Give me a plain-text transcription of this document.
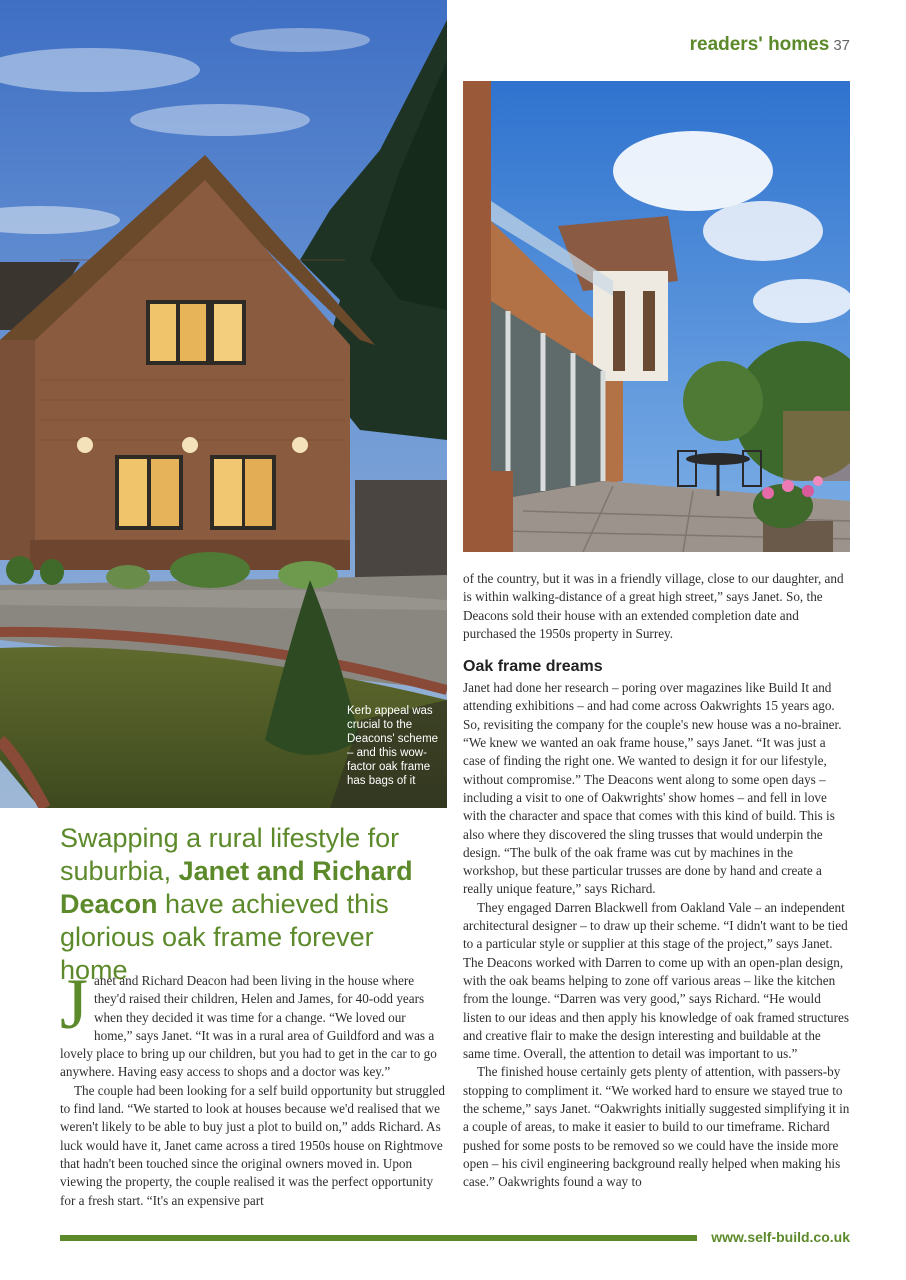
readers' homes 37
Kerb appeal was crucial to the Deacons' scheme – and this wow-factor oak frame has bags of it
Swapping a rural lifestyle for suburbia, Janet and Richard Deacon have achieved this glorious oak frame forever home

Janet and Richard Deacon had been living in the house where they'd raised their children, Helen and James, for 40-odd years when they decided it was time for a change. “We loved our home,” says Janet. “It was in a rural area of Guildford and was a lovely place to bring up our children, but you had to get in the car to go anywhere. Having easy access to shops and a doctor was key.”

The couple had been looking for a self build opportunity but struggled to find land. “We started to look at houses because we'd realised that we weren't likely to be able to buy just a plot to build on,” adds Richard. As luck would have it, Janet came across a tired 1950s house on Rightmove that hadn't been touched since the original owners moved in. Upon viewing the property, the couple realised it was the perfect opportunity for a fresh start. “It's an expensive part

of the country, but it was in a friendly village, close to our daughter, and is within walking-distance of a great high street,” says Janet. So, the Deacons sold their house with an extended completion date and purchased the 1950s property in Surrey.

Oak frame dreams

Janet had done her research – poring over magazines like Build It and attending exhibitions – and had come across Oakwrights 15 years ago. So, revisiting the company for the couple's new house was a no-brainer. “We knew we wanted an oak frame house,” says Janet. “It was just a case of finding the right one. We wanted to design it for our lifestyle, without compromise.” The Deacons went along to some open days – including a visit to one of Oakwrights' show homes – and fell in love with the character and space that comes with this kind of build. This is also where they discovered the sling trusses that would underpin the design. “The bulk of the oak frame was cut by machines in the workshop, but these particular trusses are done by hand and create a really unique feature,” says Richard.

They engaged Darren Blackwell from Oakland Vale – an independent architectural designer – to draw up their scheme. “I didn't want to be tied to a particular style or supplier at this stage of the project,” says Janet. The Deacons worked with Darren to come up with an open-plan design, with the oak beams helping to zone off various areas – like the kitchen from the lounge. “Darren was very good,” says Richard. “He would listen to our ideas and then apply his knowledge of oak framed structures and creative flair to make the design interesting and buildable at the same time. Overall, the attention to detail was important to us.”

The finished house certainly gets plenty of attention, with passers-by stopping to compliment it. “We worked hard to ensure we stayed true to the scheme,” says Janet. “Oakwrights initially suggested simplifying it in a couple of areas, to make it easier to build to our timeframe. Richard pushed for some posts to be removed so we could have the inside more open – his civil engineering background really helped when making his case.” Oakwrights found a way to

www.self-build.co.uk
